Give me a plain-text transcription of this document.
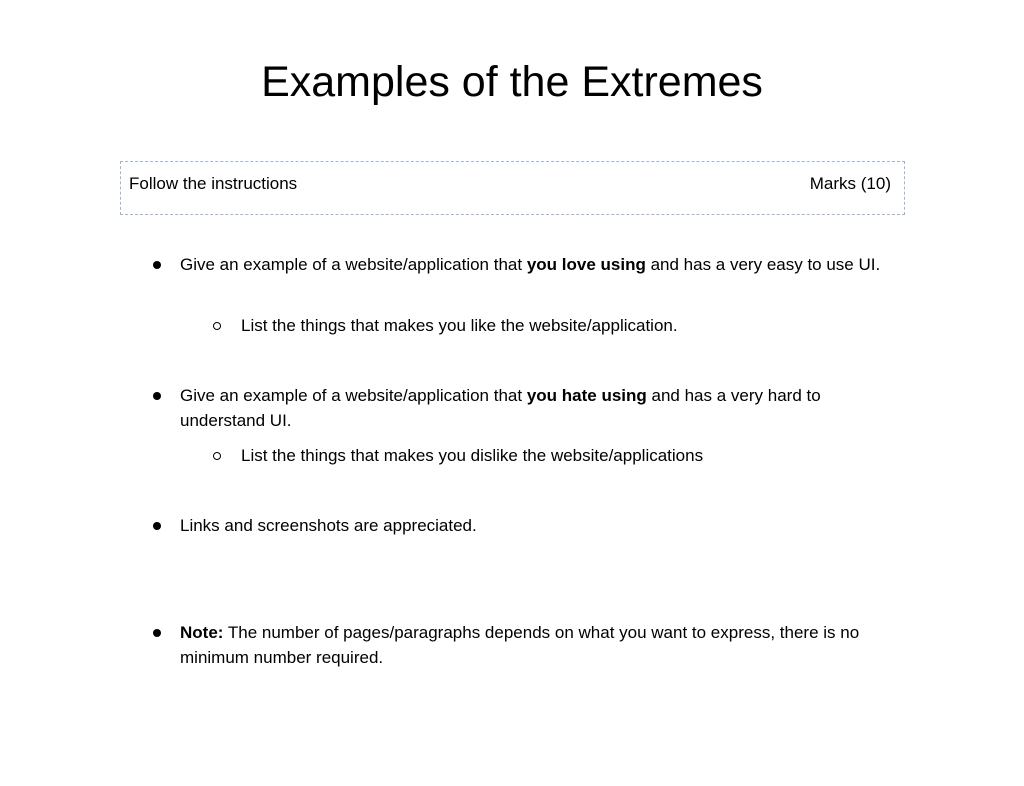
Examples of the Extremes
Follow the instructions	Marks (10)
Give an example of a website/application that you love using and has a very easy to use UI.
List the things that makes you like the website/application.
Give an example of a website/application that you hate using and has a very hard to understand UI.
List the things that makes you dislike the website/applications
Links and screenshots are appreciated.
Note: The number of pages/paragraphs depends on what you want to express, there is no minimum number required.
